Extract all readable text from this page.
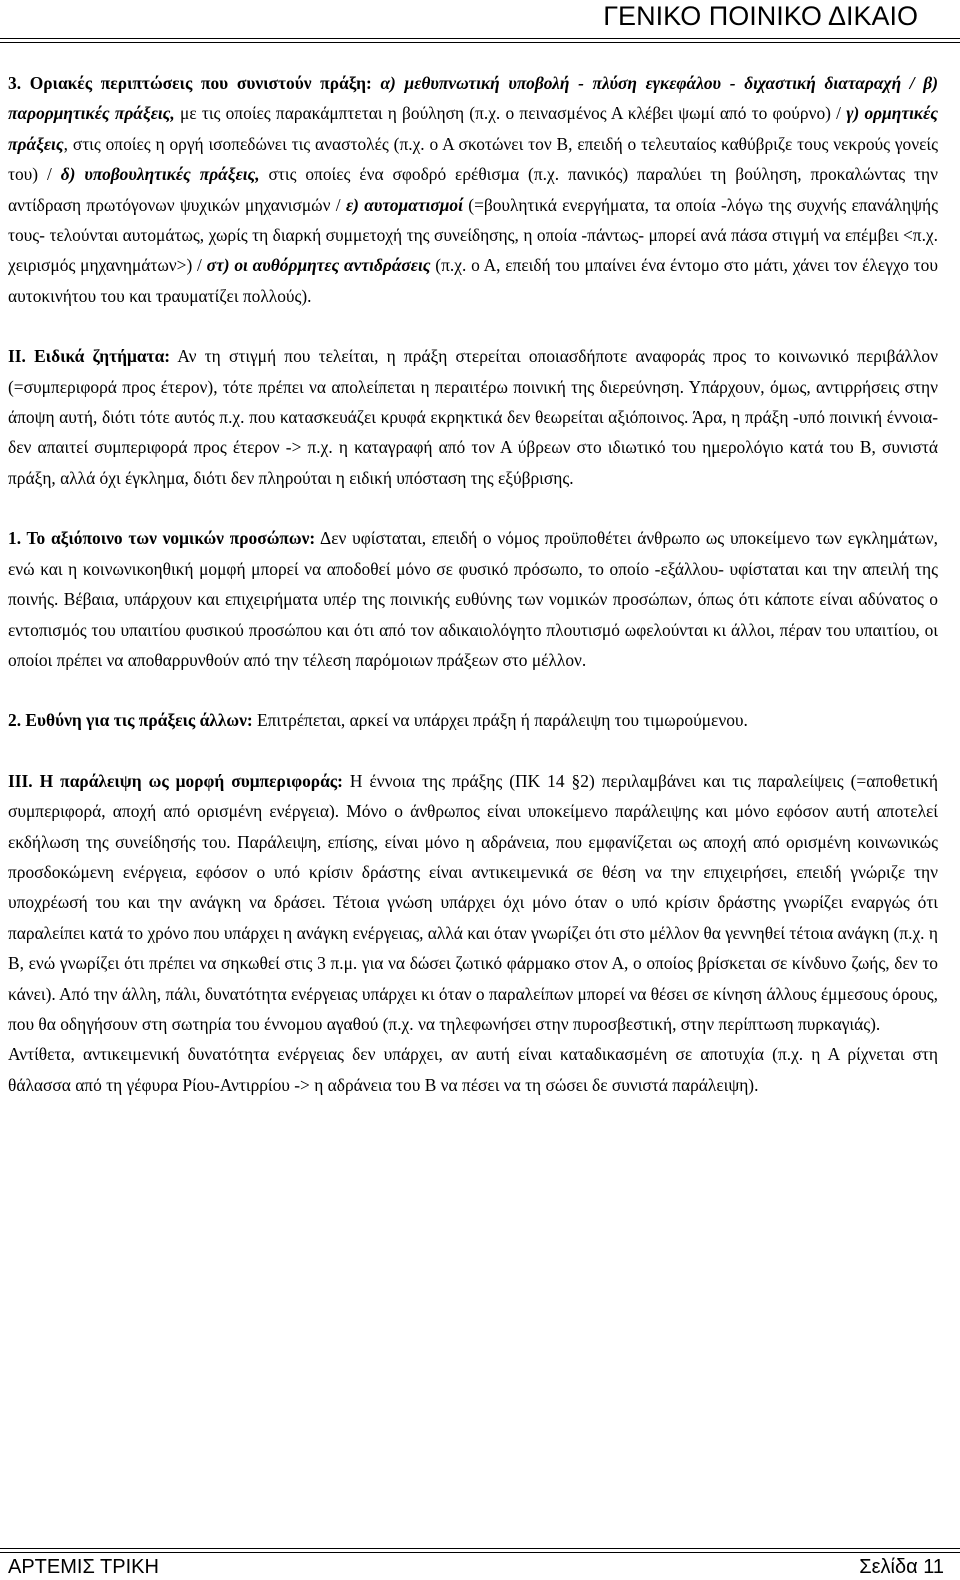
ΓΕΝΙΚΟ ΠΟΙΝΙΚΟ ΔΙΚΑΙΟ

3. Οριακές περιπτώσεις που συνιστούν πράξη: α) μεθυπνωτική υποβολή - πλύση εγκεφάλου - διχαστική διαταραχή / β) παρορμητικές πράξεις, με τις οποίες παρακάμπτεται η βούληση (π.χ. ο πεινασμένος Α κλέβει ψωμί από το φούρνο) / γ) ορμητικές πράξεις, στις οποίες η οργή ισοπεδώνει τις αναστολές (π.χ. ο Α σκοτώνει τον Β, επειδή ο τελευταίος καθύβριζε τους νεκρούς γονείς του) / δ) υποβουλητικές πράξεις, στις οποίες ένα σφοδρό ερέθισμα (π.χ. πανικός) παραλύει τη βούληση, προκαλώντας την αντίδραση πρωτόγονων ψυχικών μηχανισμών / ε) αυτοματισμοί (=βουλητικά ενεργήματα, τα οποία -λόγω της συχνής επανάληψής τους- τελούνται αυτομάτως, χωρίς τη διαρκή συμμετοχή της συνείδησης, η οποία -πάντως- μπορεί ανά πάσα στιγμή να επέμβει <π.χ. χειρισμός μηχανημάτων>) / στ) οι αυθόρμητες αντιδράσεις (π.χ. ο Α, επειδή του μπαίνει ένα έντομο στο μάτι, χάνει τον έλεγχο του αυτοκινήτου του και τραυματίζει πολλούς).

ΙΙ. Ειδικά ζητήματα: Αν τη στιγμή που τελείται, η πράξη στερείται οποιασδήποτε αναφοράς προς το κοινωνικό περιβάλλον (=συμπεριφορά προς έτερον), τότε πρέπει να απολείπεται η περαιτέρω ποινική της διερεύνηση. Υπάρχουν, όμως, αντιρρήσεις στην άποψη αυτή, διότι τότε αυτός π.χ. που κατασκευάζει κρυφά εκρηκτικά δεν θεωρείται αξιόποινος. Άρα, η πράξη -υπό ποινική έννοια- δεν απαιτεί συμπεριφορά προς έτερον -> π.χ. η καταγραφή από τον Α ύβρεων στο ιδιωτικό του ημερολόγιο κατά του Β, συνιστά πράξη, αλλά όχι έγκλημα, διότι δεν πληρούται η ειδική υπόσταση της εξύβρισης.

1. Το αξιόποινο των νομικών προσώπων: Δεν υφίσταται, επειδή ο νόμος προϋποθέτει άνθρωπο ως υποκείμενο των εγκλημάτων, ενώ και η κοινωνικοηθική μομφή μπορεί να αποδοθεί μόνο σε φυσικό πρόσωπο, το οποίο -εξάλλου- υφίσταται και την απειλή της ποινής. Βέβαια, υπάρχουν και επιχειρήματα υπέρ της ποινικής ευθύνης των νομικών προσώπων, όπως ότι κάποτε είναι αδύνατος ο εντοπισμός του υπαιτίου φυσικού προσώπου και ότι από τον αδικαιολόγητο πλουτισμό ωφελούνται κι άλλοι, πέραν του υπαιτίου, οι οποίοι πρέπει να αποθαρρυνθούν από την τέλεση παρόμοιων πράξεων στο μέλλον.

2. Ευθύνη για τις πράξεις άλλων: Επιτρέπεται, αρκεί να υπάρχει πράξη ή παράλειψη του τιμωρούμενου.

ΙΙΙ. Η παράλειψη ως μορφή συμπεριφοράς: Η έννοια της πράξης (ΠΚ 14 §2) περιλαμβάνει και τις παραλείψεις (=αποθετική συμπεριφορά, αποχή από ορισμένη ενέργεια). Μόνο ο άνθρωπος είναι υποκείμενο παράλειψης και μόνο εφόσον αυτή αποτελεί εκδήλωση της συνείδησής του. Παράλειψη, επίσης, είναι μόνο η αδράνεια, που εμφανίζεται ως αποχή από ορισμένη κοινωνικώς προσδοκώμενη ενέργεια, εφόσον ο υπό κρίσιν δράστης είναι αντικειμενικά σε θέση να την επιχειρήσει, επειδή γνώριζε την υποχρέωσή του και την ανάγκη να δράσει. Τέτοια γνώση υπάρχει όχι μόνο όταν ο υπό κρίσιν δράστης γνωρίζει εναργώς ότι παραλείπει κατά το χρόνο που υπάρχει η ανάγκη ενέργειας, αλλά και όταν γνωρίζει ότι στο μέλλον θα γεννηθεί τέτοια ανάγκη (π.χ. η Β, ενώ γνωρίζει ότι πρέπει να σηκωθεί στις 3 π.μ. για να δώσει ζωτικό φάρμακο στον Α, ο οποίος βρίσκεται σε κίνδυνο ζωής, δεν το κάνει). Από την άλλη, πάλι, δυνατότητα ενέργειας υπάρχει κι όταν ο παραλείπων μπορεί να θέσει σε κίνηση άλλους έμμεσους όρους, που θα οδηγήσουν στη σωτηρία του έννομου αγαθού (π.χ. να τηλεφωνήσει στην πυροσβεστική, στην περίπτωση πυρκαγιάς).

Αντίθετα, αντικειμενική δυνατότητα ενέργειας δεν υπάρχει, αν αυτή είναι καταδικασμένη σε αποτυχία (π.χ. η Α ρίχνεται στη θάλασσα από τη γέφυρα Ρίου-Αντιρρίου -> η αδράνεια του Β να πέσει να τη σώσει δε συνιστά παράλειψη).

ΑΡΤΕΜΙΣ ΤΡΙΚΗ	Σελίδα 11
